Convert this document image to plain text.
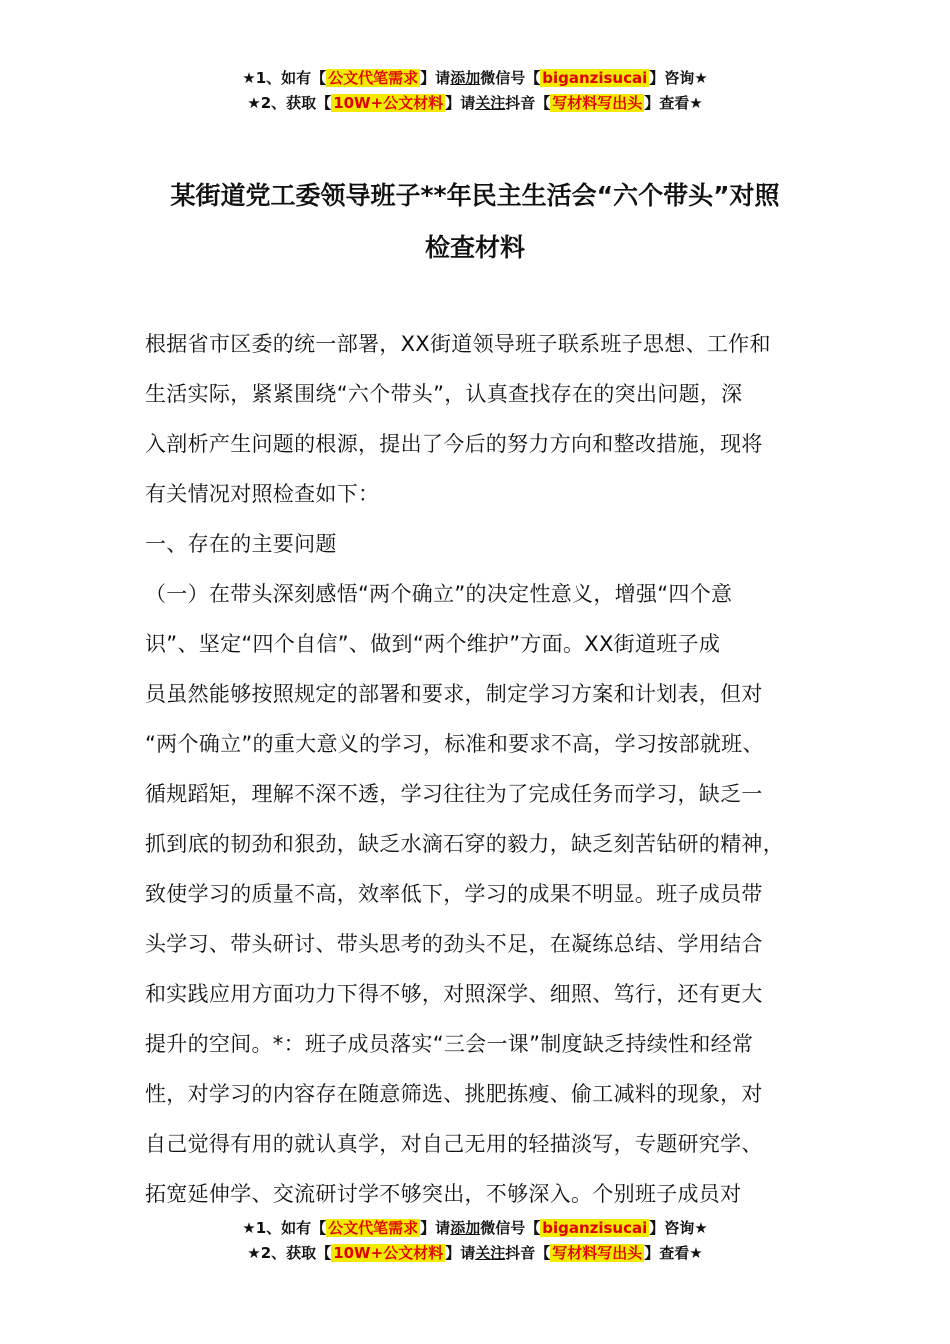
★1、如有【 公文代笔需求 】请添加微信号【 biganzisucai 】咨询★
★2、获取【 10W+公文材料 】请关注抖音【 写材料写出头 】查看★
某街道党工委领导班子**年民主生活会“六个带头”对照
检查材料
根据省市区委的统一部署，XX街道领导班子联系班子思想、工作和
生活实际，紧紧围绕“六个带头”，认真查找存在的突出问题，深
入剖析产生问题的根源，提出了今后的努力方向和整改措施，现将
有关情况对照检查如下：
一、存在的主要问题
（一）在带头深刻感悟“两个确立”的决定性意义，增强“四个意
识”、坚定“四个自信”、做到“两个维护”方面。XX街道班子成
员虽然能够按照规定的部署和要求，制定学习方案和计划表，但对
“两个确立”的重大意义的学习，标准和要求不高，学习按部就班、
循规蹈矩，理解不深不透，学习往往为了完成任务而学习，缺乏一
抓到底的韧劲和狠劲，缺乏水滴石穿的毅力，缺乏刻苦钻研的精神，
致使学习的质量不高，效率低下，学习的成果不明显。班子成员带
头学习、带头研讨、带头思考的劲头不足，在凝练总结、学用结合
和实践应用方面功力下得不够，对照深学、细照、笃行，还有更大
提升的空间。*：班子成员落实“三会一课”制度缺乏持续性和经常
性，对学习的内容存在随意筛选、挑肥拣瘦、偷工减料的现象，对
自己觉得有用的就认真学，对自己无用的轻描淡写，专题研究学、
拓宽延伸学、交流研讨学不够突出，不够深入。个别班子成员对
★1、如有【 公文代笔需求 】请添加微信号【 biganzisucai 】咨询★
★2、获取【 10W+公文材料 】请关注抖音【 写材料写出头 】查看★
